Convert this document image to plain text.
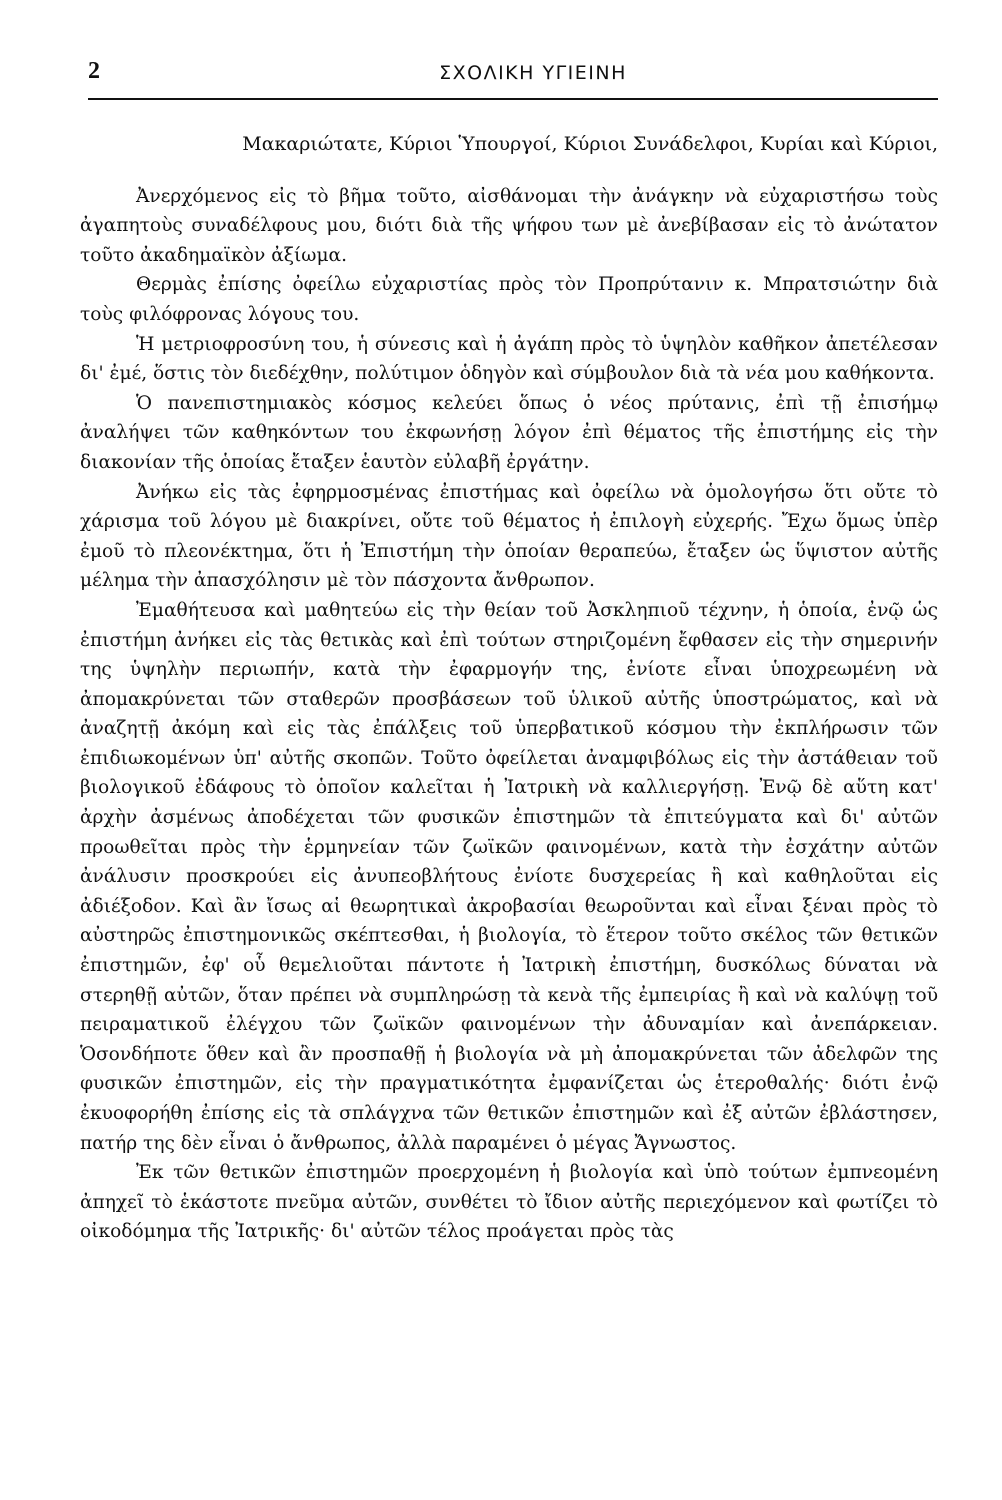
2	ΣΧΟΛΙΚΗ ΥΓΙΕΙΝΗ
Μακαριώτατε, Κύριοι Ὑπουργοί, Κύριοι Συνάδελφοι, Κυρίαι καὶ Κύριοι,

Ἀνερχόμενος εἰς τὸ βῆμα τοῦτο, αἰσθάνομαι τὴν ἀνάγκην νὰ εὐχαριστήσω τοὺς ἀγαπητοὺς συναδέλφους μου, διότι διὰ τῆς ψήφου των μὲ ἀνεβίβασαν εἰς τὸ ἀνώτατον τοῦτο ἀκαδημαϊκὸν ἀξίωμα.

Θερμὰς ἐπίσης ὀφείλω εὐχαριστίας πρὸς τὸν Προπρύτανιν κ. Μπρατσιώτην διὰ τοὺς φιλόφρονας λόγους του.

Ἡ μετριοφροσύνη του, ἡ σύνεσις καὶ ἡ ἀγάπη πρὸς τὸ ὑψηλὸν καθῆκον ἀπετέλεσαν δι' ἐμέ, ὅστις τὸν διεδέχθην, πολύτιμον ὁδηγὸν καὶ σύμβουλον διὰ τὰ νέα μου καθήκοντα.

Ὁ πανεπιστημιακὸς κόσμος κελεύει ὅπως ὁ νέος πρύτανις, ἐπὶ τῇ ἐπισήμῳ ἀναλήψει τῶν καθηκόντων του ἐκφωνήσῃ λόγον ἐπὶ θέματος τῆς ἐπιστήμης εἰς τὴν διακονίαν τῆς ὁποίας ἔταξεν ἑαυτὸν εὐλαβῆ ἐργάτην.

Ἀνήκω εἰς τὰς ἐφηρμοσμένας ἐπιστήμας καὶ ὀφείλω νὰ ὁμολογήσω ὅτι οὔτε τὸ χάρισμα τοῦ λόγου μὲ διακρίνει, οὔτε τοῦ θέματος ἡ ἐπιλογὴ εὐχερής. Ἔχω ὅμως ὑπὲρ ἐμοῦ τὸ πλεονέκτημα, ὅτι ἡ Ἐπιστήμη τὴν ὁποίαν θεραπεύω, ἔταξεν ὡς ὕψιστον αὐτῆς μέλημα τὴν ἀπασχόλησιν μὲ τὸν πάσχοντα ἄνθρωπον.

Ἐμαθήτευσα καὶ μαθητεύω εἰς τὴν θείαν τοῦ Ἀσκληπιοῦ τέχνην, ἡ ὁποία, ἐνῷ ὡς ἐπιστήμη ἀνήκει εἰς τὰς θετικὰς καὶ ἐπὶ τούτων στηριζομένη ἔφθασεν εἰς τὴν σημερινήν της ὑψηλὴν περιωπήν, κατὰ τὴν ἐφαρμογήν της, ἐνίοτε εἶναι ὑποχρεωμένη νὰ ἀπομακρύνεται τῶν σταθερῶν προσβάσεων τοῦ ὑλικοῦ αὐτῆς ὑποστρώματος, καὶ νὰ ἀναζητῇ ἀκόμη καὶ εἰς τὰς ἐπάλξεις τοῦ ὑπερβατικοῦ κόσμου τὴν ἐκπλήρωσιν τῶν ἐπιδιωκομένων ὑπ' αὐτῆς σκοπῶν. Τοῦτο ὀφείλεται ἀναμφιβόλως εἰς τὴν ἀστάθειαν τοῦ βιολογικοῦ ἐδάφους τὸ ὁποῖον καλεῖται ἡ Ἰατρικὴ νὰ καλλιεργήσῃ. Ἐνῷ δὲ αὕτη κατ' ἀρχὴν ἀσμένως ἀποδέχεται τῶν φυσικῶν ἐπιστημῶν τὰ ἐπιτεύγματα καὶ δι' αὐτῶν προωθεῖται πρὸς τὴν ἑρμηνείαν τῶν ζωϊκῶν φαινομένων, κατὰ τὴν ἐσχάτην αὐτῶν ἀνάλυσιν προσκρούει εἰς ἀνυπεοβλήτους ἐνίοτε δυσχερείας ἢ καὶ καθηλοῦται εἰς ἀδιέξοδον. Καὶ ἂν ἴσως αἱ θεωρητικαὶ ἀκροβασίαι θεωροῦνται καὶ εἶναι ξέναι πρὸς τὸ αὐστηρῶς ἐπιστημονικῶς σκέπτεσθαι, ἡ βιολογία, τὸ ἕτερον τοῦτο σκέλος τῶν θετικῶν ἐπιστημῶν, ἐφ' οὗ θεμελιοῦται πάντοτε ἡ Ἰατρικὴ ἐπιστήμη, δυσκόλως δύναται νὰ στερηθῇ αὐτῶν, ὅταν πρέπει νὰ συμπληρώσῃ τὰ κενὰ τῆς ἐμπειρίας ἢ καὶ νὰ καλύψῃ τοῦ πειραματικοῦ ἐλέγχου τῶν ζωϊκῶν φαινομένων τὴν ἀδυναμίαν καὶ ἀνεπάρκειαν. Ὁσονδήποτε ὅθεν καὶ ἂν προσπαθῇ ἡ βιολογία νὰ μὴ ἀπομακρύνεται τῶν ἀδελφῶν της φυσικῶν ἐπιστημῶν, εἰς τὴν πραγματικότητα ἐμφανίζεται ὡς ἑτεροθαλής· διότι ἐνῷ ἐκυοφορήθη ἐπίσης εἰς τὰ σπλάγχνα τῶν θετικῶν ἐπιστημῶν καὶ ἐξ αὐτῶν ἐβλάστησεν, πατήρ της δὲν εἶναι ὁ ἄνθρωπος, ἀλλὰ παραμένει ὁ μέγας Ἄγνωστος.

Ἐκ τῶν θετικῶν ἐπιστημῶν προερχομένη ἡ βιολογία καὶ ὑπὸ τούτων ἐμπνεομένη ἀπηχεῖ τὸ ἑκάστοτε πνεῦμα αὐτῶν, συνθέτει τὸ ἴδιον αὐτῆς περιεχόμενον καὶ φωτίζει τὸ οἰκοδόμημα τῆς Ἰατρικῆς· δι' αὐτῶν τέλος προάγεται πρὸς τὰς
